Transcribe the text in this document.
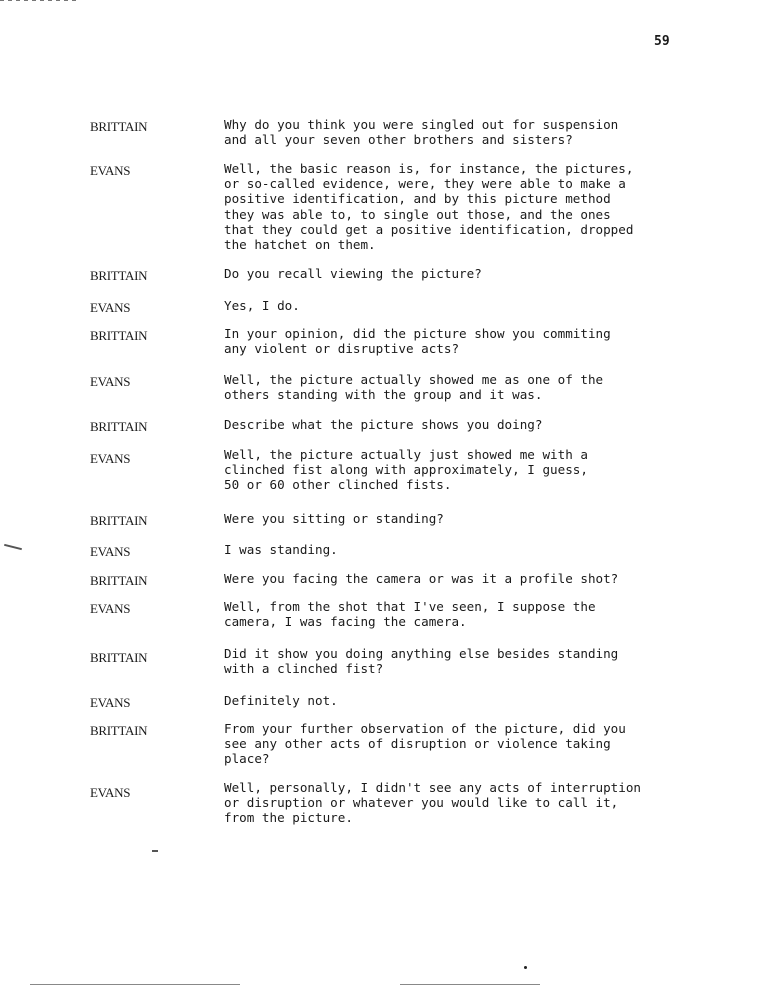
59
BRITTAIN	Why do you think you were singled out for suspension
and all your seven other brothers and sisters?
EVANS	Well, the basic reason is, for instance, the pictures,
or so-called evidence, were, they were able to make a
positive identification, and by this picture method
they was able to, to single out those, and the ones
that they could get a positive identification, dropped
the hatchet on them.
BRITTAIN	Do you recall viewing the picture?
EVANS	Yes, I do.
BRITTAIN	In your opinion, did the picture show you commiting
any violent or disruptive acts?
EVANS	Well, the picture actually showed me as one of the
others standing with the group and it was.
BRITTAIN	Describe what the picture shows you doing?
EVANS	Well, the picture actually just showed me with a
clinched fist along with approximately, I guess,
50 or 60 other clinched fists.
BRITTAIN	Were you sitting or standing?
EVANS	I was standing.
BRITTAIN	Were you facing the camera or was it a profile shot?
EVANS	Well, from the shot that I've seen, I suppose the
camera, I was facing the camera.
BRITTAIN	Did it show you doing anything else besides standing
with a clinched fist?
EVANS	Definitely not.
BRITTAIN	From your further observation of the picture, did you
see any other acts of disruption or violence taking
place?
EVANS	Well, personally, I didn't see any acts of interruption
or disruption or whatever you would like to call it,
from the picture.
